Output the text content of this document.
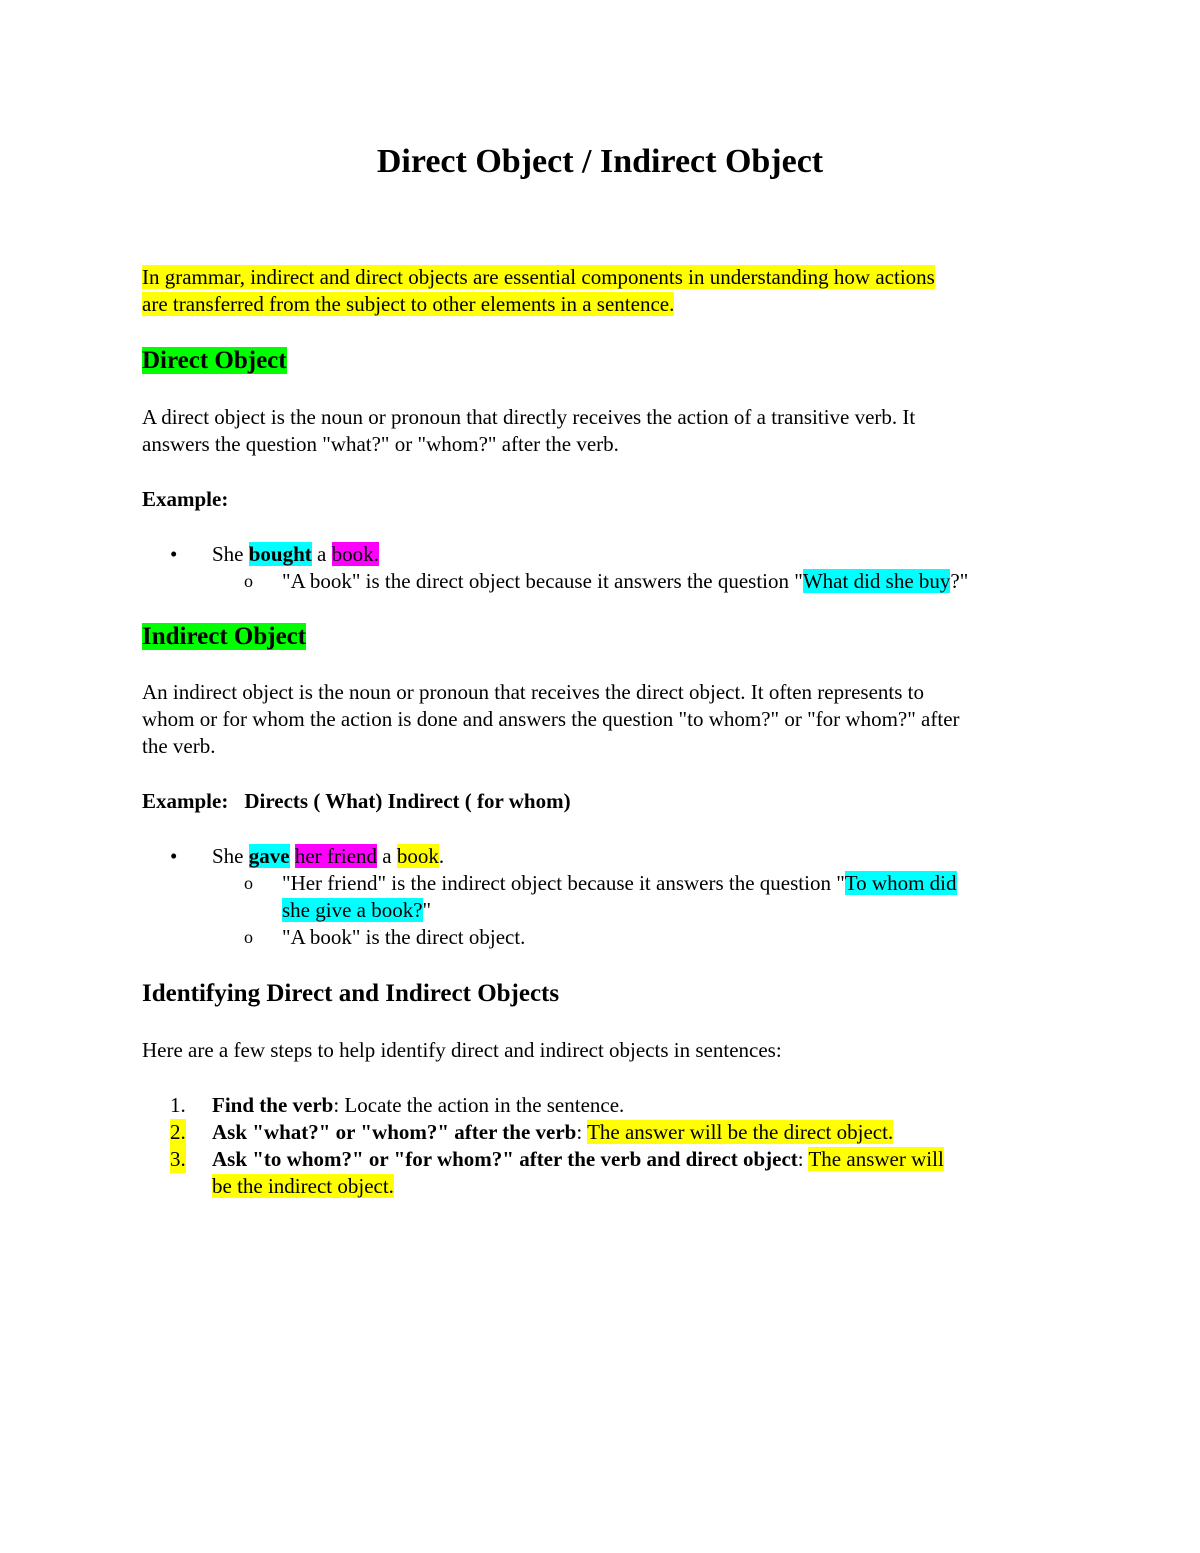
Direct Object / Indirect Object
In grammar, indirect and direct objects are essential components in understanding how actions
are transferred from the subject to other elements in a sentence.
Direct Object
A direct object is the noun or pronoun that directly receives the action of a transitive verb. It
answers the question "what?" or "whom?" after the verb.
Example:
• She bought a book.
o "A book" is the direct object because it answers the question "What did she buy?"
Indirect Object
An indirect object is the noun or pronoun that receives the direct object. It often represents to
whom or for whom the action is done and answers the question "to whom?" or "for whom?" after
the verb.
Example: Directs ( What) Indirect ( for whom)
• She gave her friend a book.
o "Her friend" is the indirect object because it answers the question "To whom did
she give a book?"
o "A book" is the direct object.
Identifying Direct and Indirect Objects
Here are a few steps to help identify direct and indirect objects in sentences:
1. Find the verb: Locate the action in the sentence.
2. Ask "what?" or "whom?" after the verb: The answer will be the direct object.
3. Ask "to whom?" or "for whom?" after the verb and direct object: The answer will
be the indirect object.
